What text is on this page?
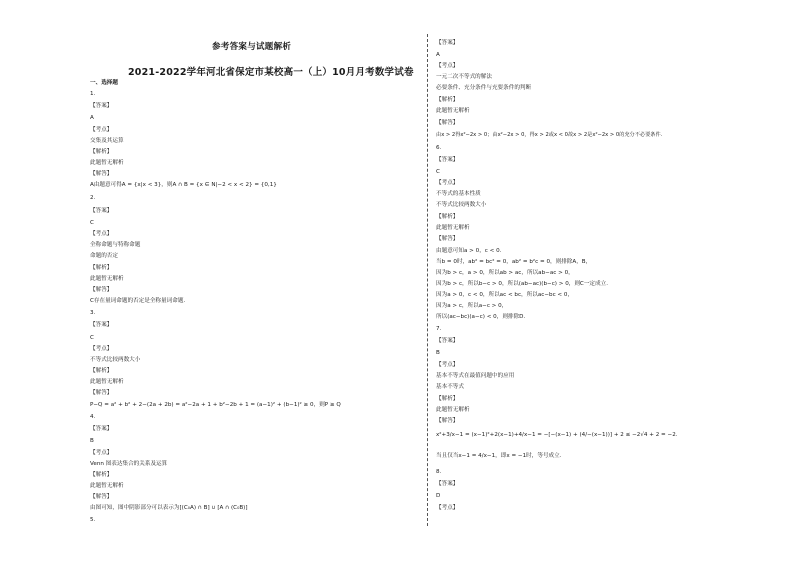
参考答案与试题解析
2021-2022学年河北省保定市某校高一（上）10月月考数学试卷
一、选择题
1.
【答案】
A
【考点】
交集及其运算
【解析】
此题暂无解析
【解答】
A由题意可得A = {x|x < 3}，则A ∩ B = {x ∈ N|−2 < x < 2} = {0,1}
2.
【答案】
C
【考点】
全称命题与特称命题
命题的否定
【解析】
此题暂无解析
【解答】
C存在量词命题的否定是全称量词命题.
3.
【答案】
C
【考点】
不等式比较两数大小
【解析】
此题暂无解析
【解答】
P−Q = a² + b² + 2−(2a + 2b) = a²−2a + 1 + b²−2b + 1 = (a−1)² + (b−1)² ≥ 0，则P ≥ Q
4.
【答案】
B
【考点】
Venn 图表达集合的关系及运算
【解析】
此题暂无解析
【解答】
由图可知，图中阴影部分可以表示为[(C₀A) ∩ B] ∪ [A ∩ (C₀B)]
5.
【答案】
A
【考点】
一元二次不等式的解法
必要条件、充分条件与充要条件的判断
【解析】
此题暂无解析
【解答】
由x > 2得x²−2x > 0；由x²−2x > 0，得x > 2或x < 0故x > 2是x²−2x > 0的充分不必要条件.
6.
【答案】
C
【考点】
不等式的基本性质
不等式比较两数大小
【解析】
此题暂无解析
【解答】
由题意可知a > 0，c < 0.
当b = 0时，ab² = bc² = 0，ab² = b²c = 0，则排除A，B，
因为b > c，a > 0，所以ab > ac，所以ab−ac > 0，
因为b > c，所以b−c > 0，所以(ab−ac)(b−c) > 0，则C一定成立.
因为a > 0，c < 0，所以ac < bc，所以ac−bc < 0，
因为a > c，所以a−c > 0，
所以(ac−bc)(a−c) < 0，则排除D.
7.
【答案】
B
【考点】
基本不等式在最值问题中的应用
基本不等式
【解析】
此题暂无解析
【解答】
x²+3/x−1 = (x−1)²+2(x−1)+4/x−1 = −[−(x−1) + (4/−(x−1))] + 2 ≤ −2√4 + 2 = −2.
当且仅当x−1 = 4/x−1，即x = −1时，等号成立.
8.
【答案】
D
【考点】
